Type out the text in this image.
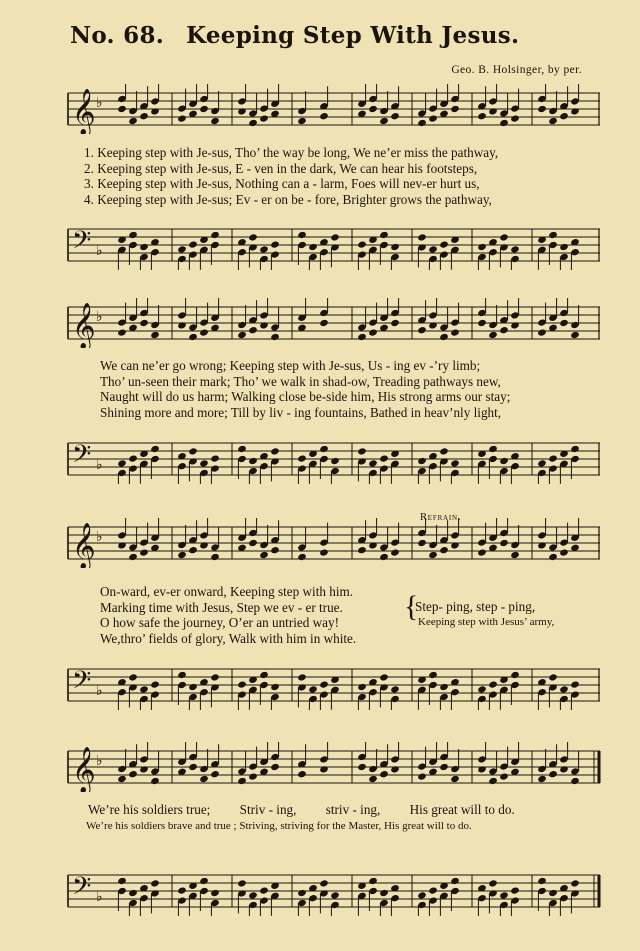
No. 68. Keeping Step With Jesus.
Geo. B. Holsinger, by per.
𝄞 ♭
1. Keeping step with Je-sus, Tho’ the way be long, We ne’er miss the pathway,
2. Keeping step with Je-sus, E - ven in the dark, We can hear his footsteps,
3. Keeping step with Je-sus, Nothing can a - larm, Foes will nev-er hurt us,
4. Keeping step with Je-sus; Ev - er on be - fore, Brighter grows the pathway,
𝄢 ♭
𝄞 ♭
We can ne’er go wrong; Keeping step with Je-sus, Us - ing ev -’ry limb;
Tho’ un-seen their mark; Tho’ we walk in shad-ow, Treading pathways new,
Naught will do us harm; Walking close be-side him, His strong arms our stay;
Shining more and more; Till by liv - ing fountains, Bathed in heav’nly light,
𝄢 ♭
Refrain.
𝄞 ♭
On-ward, ev-er onward, Keeping step with him.
Marking time with Jesus, Step we ev - er true.
O how safe the journey, O’er an untried way!
We,thro’ fields of glory, Walk with him in white.
{
Step- ping, step - ping,
Keeping step with Jesus’ army,
𝄢 ♭
𝄞 ♭
We’re his soldiers true; Striv - ing, striv - ing, His great will to do.
We’re his soldiers brave and true ; Striving, striving for the Master, His great will to do.
𝄢 ♭
